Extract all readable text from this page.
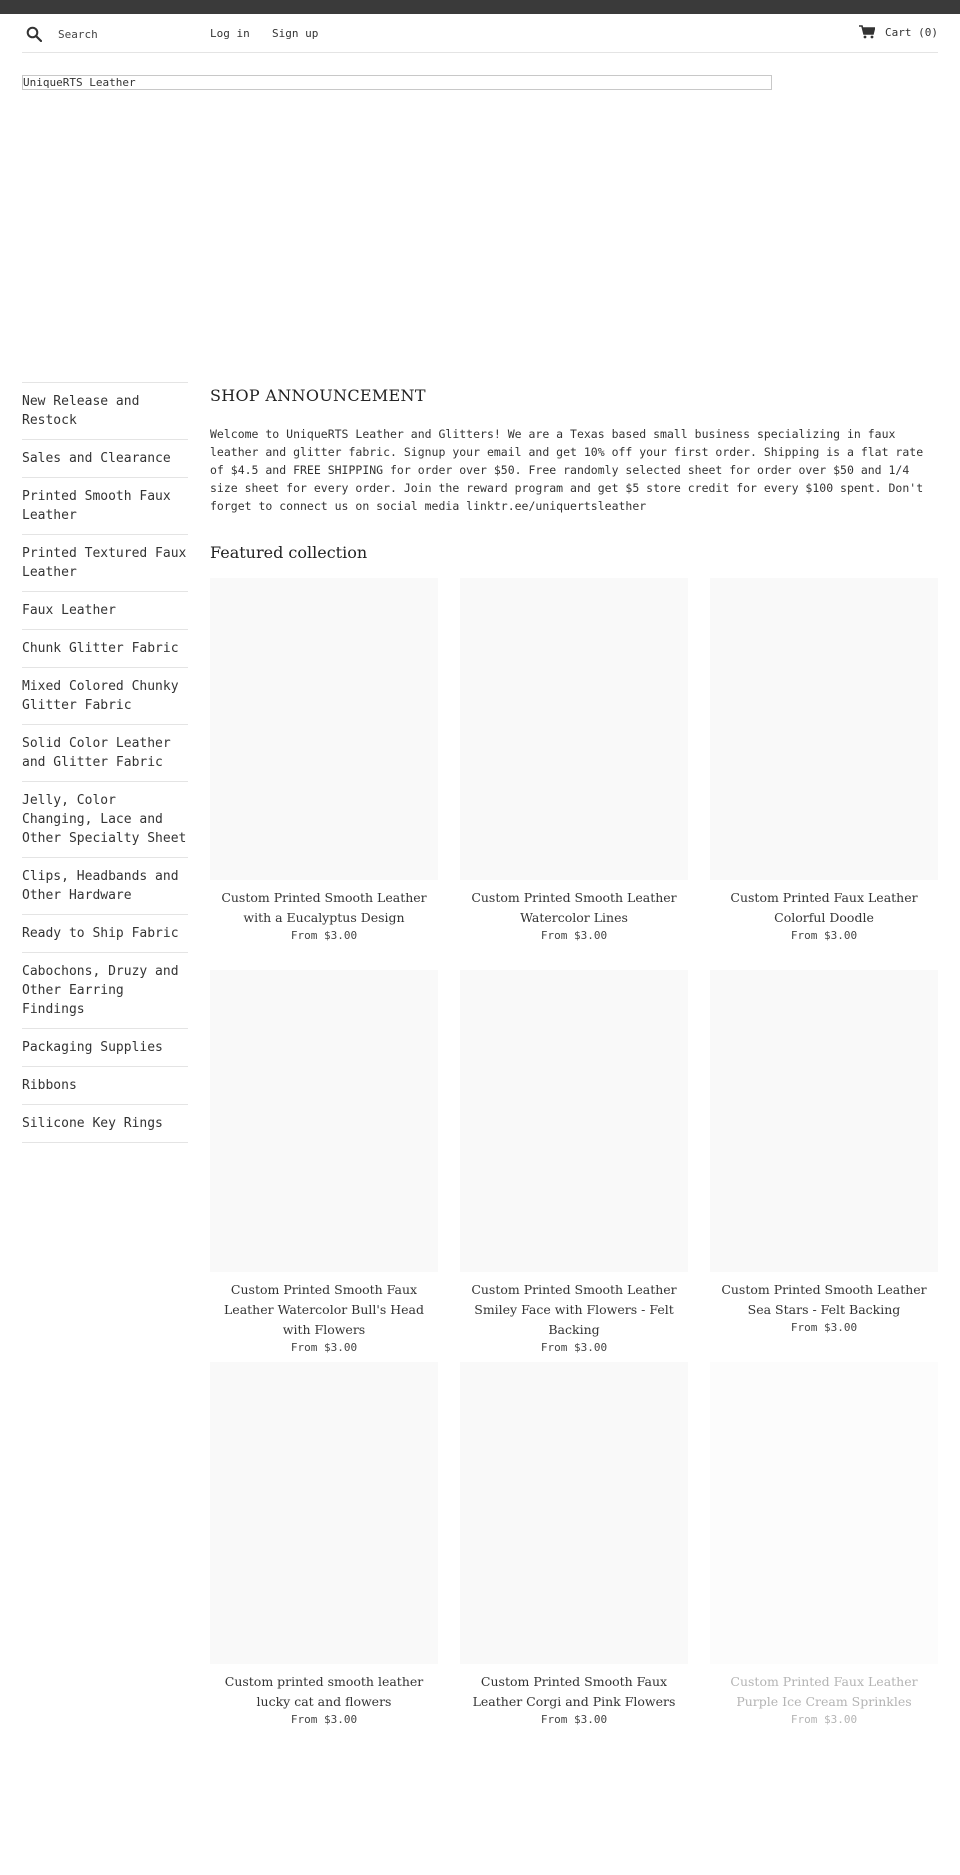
Search
Log in Sign up	Cart (0)
UniqueRTS Leather
New Release and Restock
Sales and Clearance
Printed Smooth Faux Leather
Printed Textured Faux Leather
Faux Leather
Chunk Glitter Fabric
Mixed Colored Chunky Glitter Fabric
Solid Color Leather and Glitter Fabric
Jelly, Color Changing, Lace and Other Specialty Sheet
Clips, Headbands and Other Hardware
Ready to Ship Fabric
Cabochons, Druzy and Other Earring Findings
Packaging Supplies
Ribbons
Silicone Key Rings
SHOP ANNOUNCEMENT
Welcome to UniqueRTS Leather and Glitters! We are a Texas based small business specializing in faux leather and glitter fabric. Signup your email and get 10% off your first order. Shipping is a flat rate of $4.5 and FREE SHIPPING for order over $50. Free randomly selected sheet for order over $50 and 1/4 size sheet for every order. Join the reward program and get $5 store credit for every $100 spent. Don't forget to connect us on social media linktr.ee/uniquertsleather
Featured collection
Custom Printed Smooth Leather with a Eucalyptus Design
From $3.00
Custom Printed Smooth Leather Watercolor Lines
From $3.00
Custom Printed Faux Leather Colorful Doodle
From $3.00
Custom Printed Smooth Faux Leather Watercolor Bull's Head with Flowers
From $3.00
Custom Printed Smooth Leather Smiley Face with Flowers - Felt Backing
From $3.00
Custom Printed Smooth Leather Sea Stars - Felt Backing
From $3.00
Custom printed smooth leather lucky cat and flowers
From $3.00
Custom Printed Smooth Faux Leather Corgi and Pink Flowers
From $3.00
Custom Printed Faux Leather Purple Ice Cream Sprinkles
From $3.00
